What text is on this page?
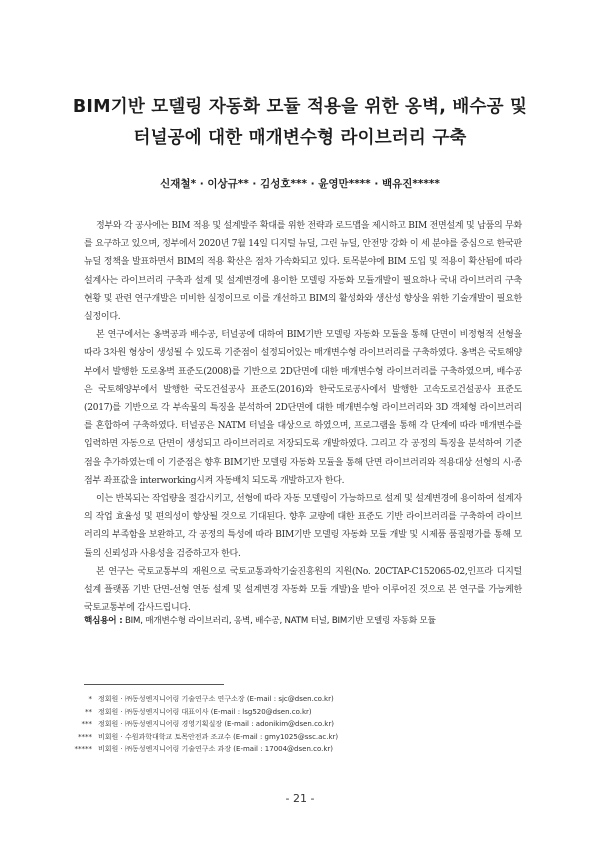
BIM기반 모델링 자동화 모듈 적용을 위한 옹벽, 배수공 및
터널공에 대한 매개변수형 라이브러리 구축
신재철* · 이상규** · 김성호*** · 윤영만**** · 백유진*****

정부와 각 공사에는 BIM 적용 및 설계발주 확대를 위한 전략과 로드맵을 제시하고 BIM 전면설계 및 납품의 무화를 요구하고 있으며, 정부에서 2020년 7월 14일 디지털 뉴딜, 그린 뉴딜, 안전망 강화 이 세 분야를 중심으로 한국판 뉴딜 정책을 발표하면서 BIM의 적용 확산은 점차 가속화되고 있다. 토목분야에 BIM 도입 및 적용이 확산됨에 따라 설계사는 라이브러리 구축과 설계 및 설계변경에 용이한 모델링 자동화 모듈개발이 필요하나 국내 라이브러리 구축현황 및 관련 연구개발은 미비한 실정이므로 이를 개선하고 BIM의 활성화와 생산성 향상을 위한 기술개발이 필요한 실정이다.

본 연구에서는 옹벽공과 배수공, 터널공에 대하여 BIM기반 모델링 자동화 모듈을 통해 단면이 비정형적 선형을 따라 3차원 형상이 생성될 수 있도록 기준점이 설정되어있는 매개변수형 라이브러리를 구축하였다. 옹벽은 국토해양부에서 발행한 도로옹벽 표준도(2008)를 기반으로 2D단면에 대한 매개변수형 라이브러리를 구축하였으며, 배수공은 국토해양부에서 발행한 국도건설공사 표준도(2016)와 한국도로공사에서 발행한 고속도로건설공사 표준도(2017)를 기반으로 각 부속물의 특징을 분석하여 2D단면에 대한 매개변수형 라이브러리와 3D 객체형 라이브러리를 혼합하여 구축하였다. 터널공은 NATM 터널을 대상으로 하였으며, 프로그램을 통해 각 단계에 따라 매개변수를 입력하면 자동으로 단면이 생성되고 라이브러리로 저장되도록 개발하였다. 그리고 각 공정의 특징을 분석하여 기준점을 추가하였는데 이 기준점은 향후 BIM기반 모델링 자동화 모듈을 통해 단면 라이브러리와 적용대상 선형의 시·종점부 좌표값을 interworking시켜 자동배치 되도록 개발하고자 한다.

이는 반복되는 작업량을 절감시키고, 선형에 따라 자동 모델링이 가능하므로 설계 및 설계변경에 용이하여 설계자의 작업 효율성 및 편의성이 향상될 것으로 기대된다. 향후 교량에 대한 표준도 기반 라이브러리를 구축하여 라이브러리의 부족함을 보완하고, 각 공정의 특성에 따라 BIM기반 모델링 자동화 모듈 개발 및 시제품 품질평가를 통해 모듈의 신뢰성과 사용성을 검증하고자 한다.

본 연구는 국토교통부의 재원으로 국토교통과학기술진흥원의 지원(No. 20CTAP-C152065-02,인프라 디지털 설계 플랫폼 기반 단면-선형 연동 설계 및 설계변경 자동화 모듈 개발)을 받아 이루어진 것으로 본 연구를 가능케한 국토교통부에 감사드립니다.

핵심용어 : BIM, 매개변수형 라이브러리, 옹벽, 배수공, NATM 터널, BIM기반 모델링 자동화 모듈
* 정회원 · ㈜동성엔지니어링 기술연구소 연구소장 (E-mail : sjc@dsen.co.kr)
** 정회원 · ㈜동성엔지니어링 대표이사 (E-mail : lsg520@dsen.co.kr)
*** 정회원 · ㈜동성엔지니어링 경영기획실장 (E-mail : adonikim@dsen.co.kr)
**** 비회원 · 수원과학대학교 토목안전과 조교수 (E-mail : gmy1025@ssc.ac.kr)
***** 비회원 · ㈜동성엔지니어링 기술연구소 과장 (E-mail : 17004@dsen.co.kr)
- 21 -
